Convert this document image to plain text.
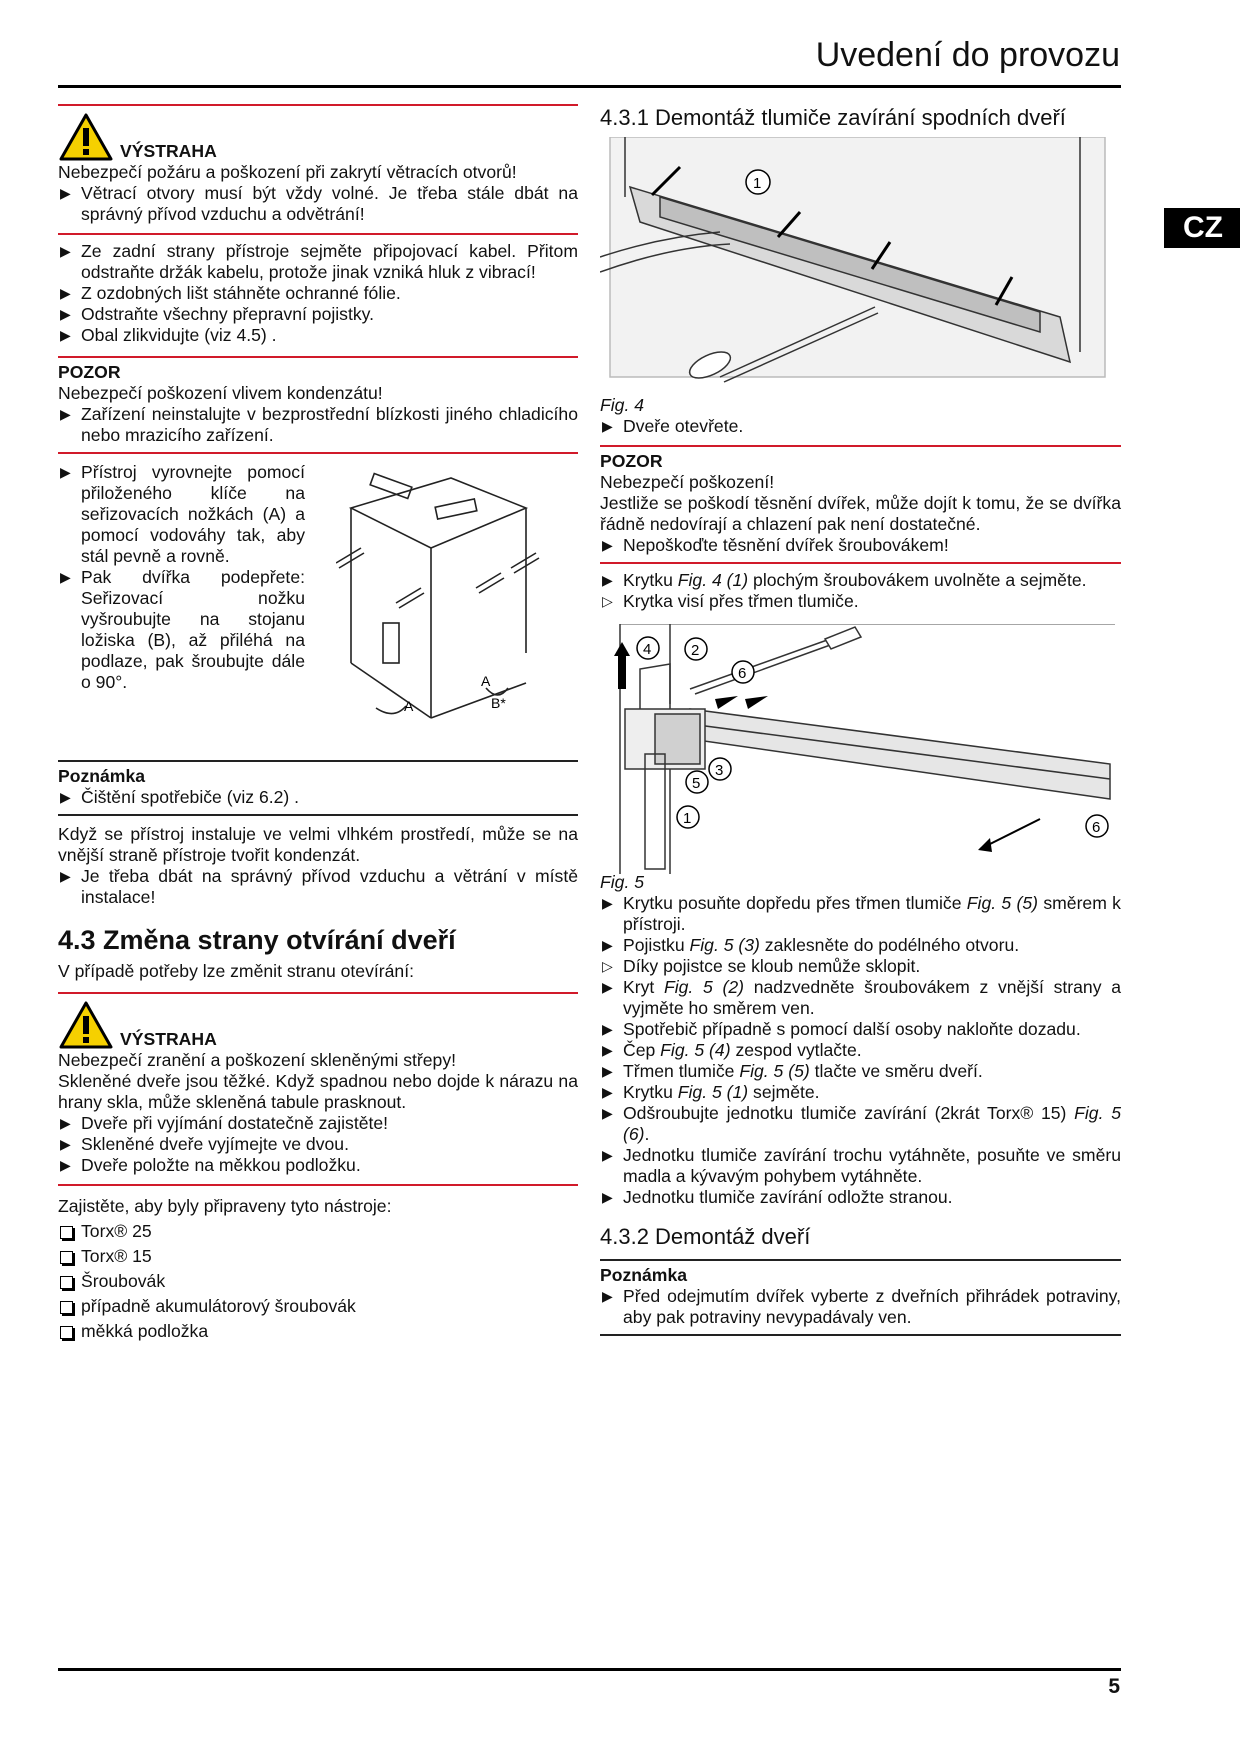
Uvedení do provozu
CZ
5
VÝSTRAHA

Nebezpečí požáru a poškození při zakrytí větracích otvorů!

▶ Větrací otvory musí být vždy volné. Je třeba stále dbát na správný přívod vzduchu a odvětrání!
▶ Ze zadní strany přístroje sejměte připojovací kabel. Přitom odstraňte držák kabelu, protože jinak vzniká hluk z vibrací!
▶ Z ozdobných lišt stáhněte ochranné fólie.
▶ Odstraňte všechny přepravní pojistky.
▶ Obal zlikvidujte (viz 4.5) .

POZOR

Nebezpečí poškození vlivem kondenzátu!

▶ Zařízení neinstalujte v bezprostřední blízkosti jiného chladicího nebo mrazicího zařízení.
▶ Přístroj vyrovnejte pomocí přiloženého klíče na seřizovacích nožkách (A) a pomocí vodováhy tak, aby stál pevně a rovně.
▶ Pak dvířka podepřete: Seřizovací nožku vyšroubujte na stojanu ložiska (B), až přiléhá na podlaze, pak šroubujte dále o 90°.
A
A
B*

Poznámka

▶ Čištění spotřebiče (viz 6.2) .

Když se přístroj instaluje ve velmi vlhkém prostředí, může se na vnější straně přístroje tvořit kondenzát.

▶ Je třeba dbát na správný přívod vzduchu a větrání v místě instalace!

4.3 Změna strany otvírání dveří

V případě potřeby lze změnit stranu otevírání:

VÝSTRAHA

Nebezpečí zranění a poškození skleněnými střepy!

Skleněné dveře jsou těžké. Když spadnou nebo dojde k nárazu na hrany skla, může skleněná tabule prasknout.

▶ Dveře při vyjímání dostatečně zajistěte!
▶ Skleněné dveře vyjímejte ve dvou.
▶ Dveře položte na měkkou podložku.

Zajistěte, aby byly připraveny tyto nástroje:

Torx® 25
Torx® 15
Šroubovák
případně akumulátorový šroubovák
měkká podložka

4.3.1 Demontáž tlumiče zavírání spodních dveří

1

Fig. 4

▶ Dveře otevřete.

POZOR

Nebezpečí poškození!

Jestliže se poškodí těsnění dvířek, může dojít k tomu, že se dvířka řádně nedovírají a chlazení pak není dostatečné.

▶ Nepoškoďte těsnění dvířek šroubovákem!
▶ Krytku Fig. 4 (1) plochým šroubovákem uvolněte a sejměte.
▷ Krytka visí přes třmen tlumiče.
4	2
6
3
5
1
6

Fig. 5

▶ Krytku posuňte dopředu přes třmen tlumiče Fig. 5 (5) směrem k přístroji.
▶ Pojistku Fig. 5 (3) zaklesněte do podélného otvoru.
▷ Díky pojistce se kloub nemůže sklopit.
▶ Kryt Fig. 5 (2) nadzvedněte šroubovákem z vnější strany a vyjměte ho směrem ven.
▶ Spotřebič případně s pomocí další osoby nakloňte dozadu.
▶ Čep Fig. 5 (4) zespod vytlačte.
▶ Třmen tlumiče Fig. 5 (5) tlačte ve směru dveří.
▶ Krytku Fig. 5 (1) sejměte.
▶ Odšroubujte jednotku tlumiče zavírání (2krát Torx® 15) Fig. 5 (6).
▶ Jednotku tlumiče zavírání trochu vytáhněte, posuňte ve směru madla a kývavým pohybem vytáhněte.
▶ Jednotku tlumiče zavírání odložte stranou.

4.3.2 Demontáž dveří

Poznámka

▶ Před odejmutím dvířek vyberte z dveřních přihrádek potraviny, aby pak potraviny nevypadávaly ven.
